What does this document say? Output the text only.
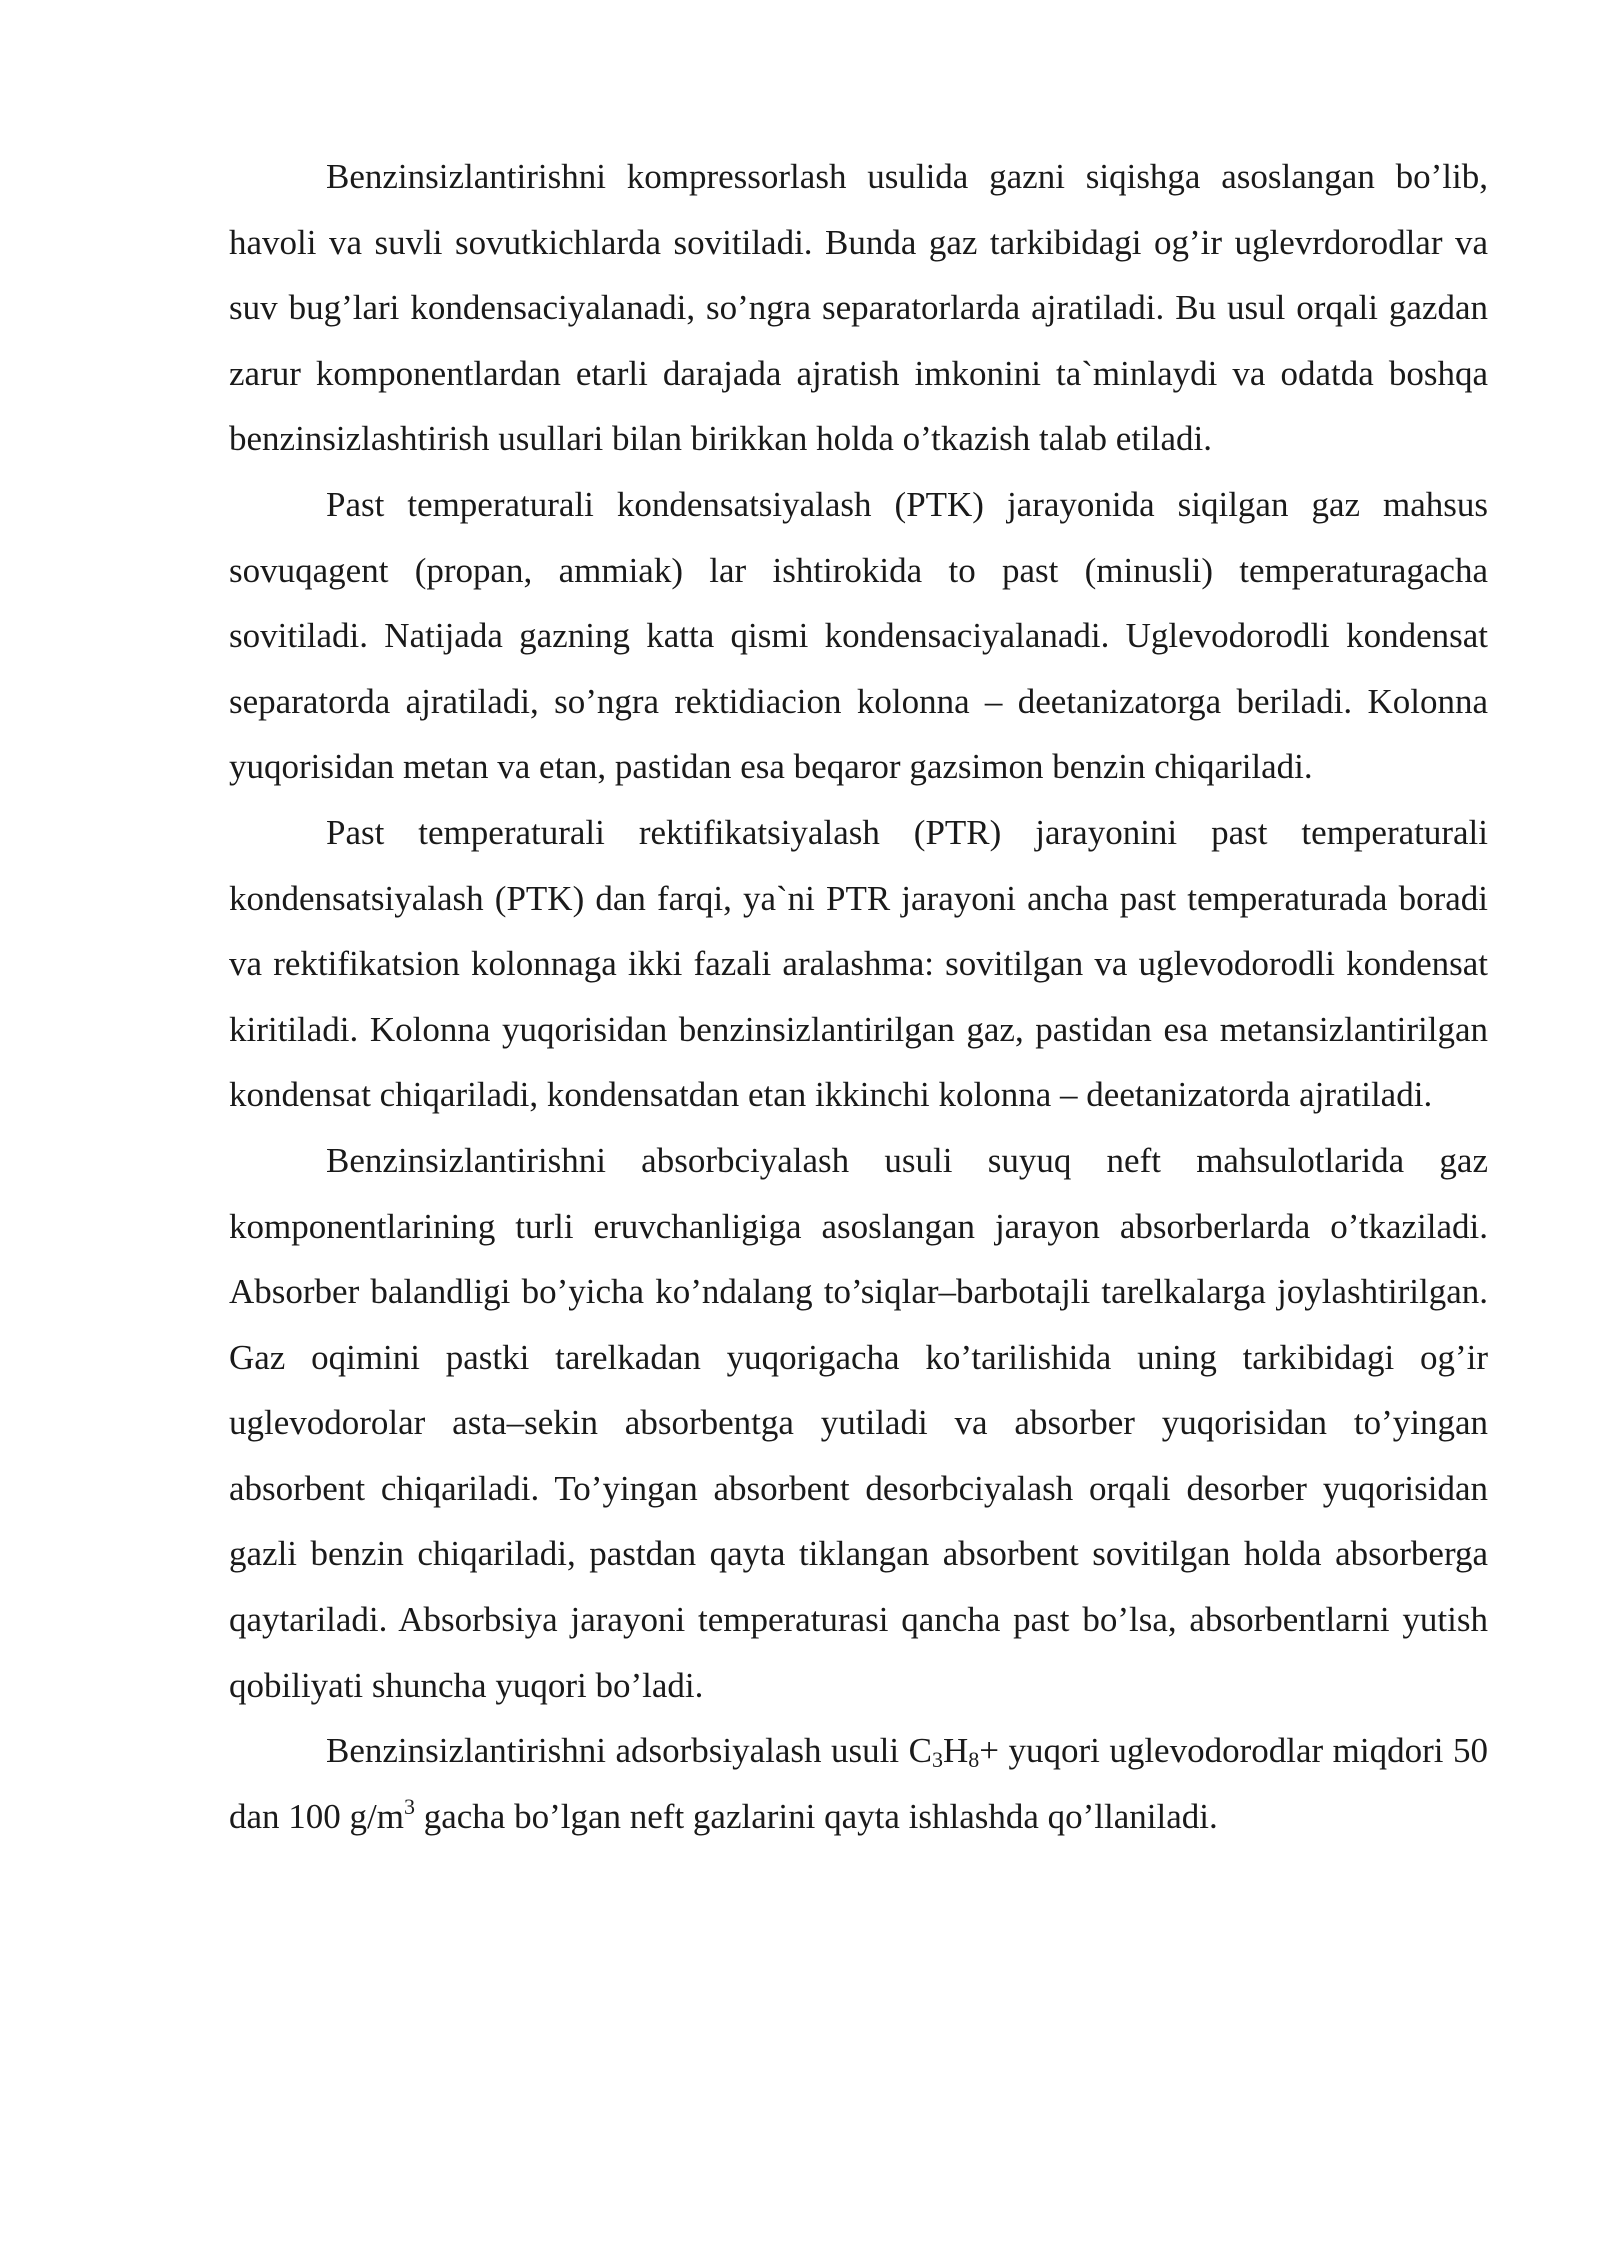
Benzinsizlantirishni kompressorlash usulida gazni siqishga asoslangan bo’lib, havoli va suvli sovutkichlarda sovitiladi. Bunda gaz tarkibidagi og’ir uglevrdorodlar va suv bug’lari kondensaciyalanadi, so’ngra separatorlarda ajratiladi. Bu usul orqali gazdan zarur komponentlardan etarli darajada ajratish imkonini ta`minlaydi va odatda boshqa benzinsizlashtirish usullari bilan birikkan holda o’tkazish talab etiladi.

Past temperaturali kondensatsiyalash (PTK) jarayonida siqilgan gaz mahsus sovuqagent (propan, ammiak) lar ishtirokida to past (minusli) temperaturagacha sovitiladi. Natijada gazning katta qismi kondensaciyalanadi. Uglevodorodli kondensat separatorda ajratiladi, so’ngra rektidiacion kolonna – deetanizatorga beriladi. Kolonna yuqorisidan metan va etan, pastidan esa beqaror gazsimon benzin chiqariladi.

Past temperaturali rektifikatsiyalash (PTR) jarayonini past temperaturali kondensatsiyalash (PTK) dan farqi, ya`ni PTR jarayoni ancha past temperaturada boradi va rektifikatsion kolonnaga ikki fazali aralashma: sovitilgan va uglevodorodli kondensat kiritiladi. Kolonna yuqorisidan benzinsizlantirilgan gaz, pastidan esa metansizlantirilgan kondensat chiqariladi, kondensatdan etan ikkinchi kolonna – deetanizatorda ajratiladi.

Benzinsizlantirishni absorbciyalash usuli suyuq neft mahsulotlarida gaz komponentlarining turli eruvchanligiga asoslangan jarayon absorberlarda o’tkaziladi. Absorber balandligi bo’yicha ko’ndalang to’siqlar–barbotajli tarelkalarga joylashtirilgan. Gaz oqimini pastki tarelkadan yuqorigacha ko’tarilishida uning tarkibidagi og’ir uglevodorolar asta–sekin absorbentga yutiladi va absorber yuqorisidan to’yingan absorbent chiqariladi. To’yingan absorbent desorbciyalash orqali desorber yuqorisidan gazli benzin chiqariladi, pastdan qayta tiklangan absorbent sovitilgan holda absorberga qaytariladi. Absorbsiya jarayoni temperaturasi qancha past bo’lsa, absorbentlarni yutish qobiliyati shuncha yuqori bo’ladi.

Benzinsizlantirishni adsorbsiyalash usuli $C_3H_8+$ yuqori uglevodorodlar miqdori 50 dan 100 $g/m^3$ gacha bo’lgan neft gazlarini qayta ishlashda qo’llaniladi.
